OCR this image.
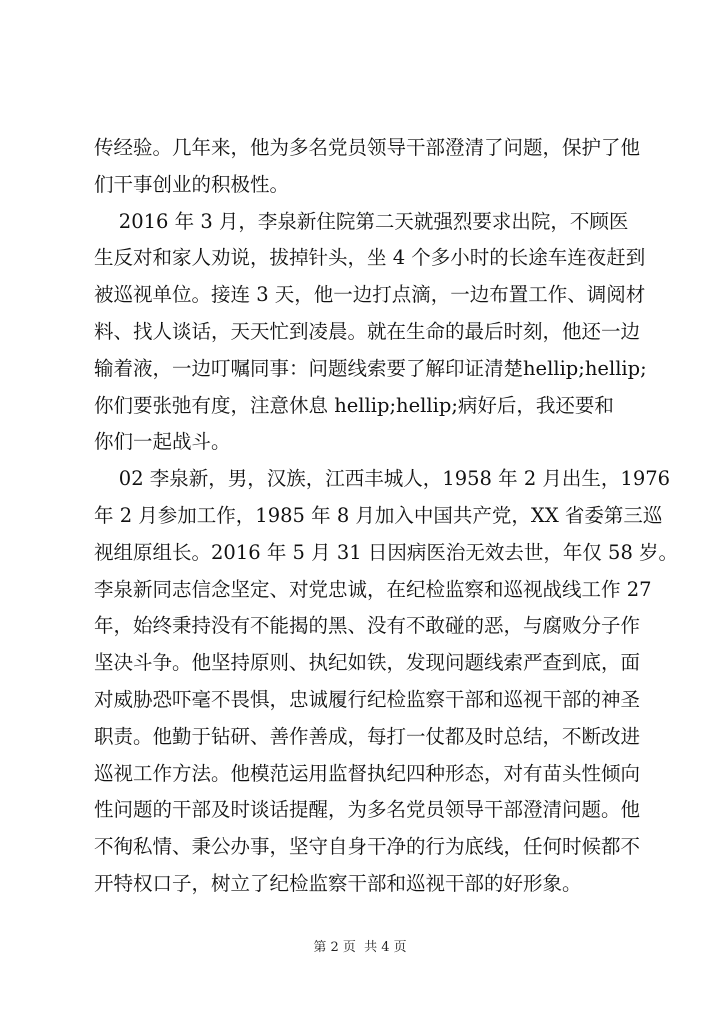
传经验。几年来，他为多名党员领导干部澄清了问题，保护了他
们干事创业的积极性。
2016 年 3 月，李泉新住院第二天就强烈要求出院，不顾医
生反对和家人劝说，拔掉针头，坐 4 个多小时的长途车连夜赶到
被巡视单位。接连 3 天，他一边打点滴，一边布置工作、调阅材
料、找人谈话，天天忙到凌晨。就在生命的最后时刻，他还一边
输着液，一边叮嘱同事：问题线索要了解印证清楚hellip;hellip;
你们要张弛有度，注意休息 hellip;hellip;病好后，我还要和
你们一起战斗。
02 李泉新，男，汉族，江西丰城人，1958 年 2 月出生，1976
年 2 月参加工作，1985 年 8 月加入中国共产党，XX 省委第三巡
视组原组长。2016 年 5 月 31 日因病医治无效去世，年仅 58 岁。
李泉新同志信念坚定、对党忠诚，在纪检监察和巡视战线工作 27
年，始终秉持没有不能揭的黑、没有不敢碰的恶，与腐败分子作
坚决斗争。他坚持原则、执纪如铁，发现问题线索严查到底，面
对威胁恐吓毫不畏惧，忠诚履行纪检监察干部和巡视干部的神圣
职责。他勤于钻研、善作善成，每打一仗都及时总结，不断改进
巡视工作方法。他模范运用监督执纪四种形态，对有苗头性倾向
性问题的干部及时谈话提醒，为多名党员领导干部澄清问题。他
不徇私情、秉公办事，坚守自身干净的行为底线，任何时候都不
开特权口子，树立了纪检监察干部和巡视干部的好形象。
第 2 页  共 4 页
